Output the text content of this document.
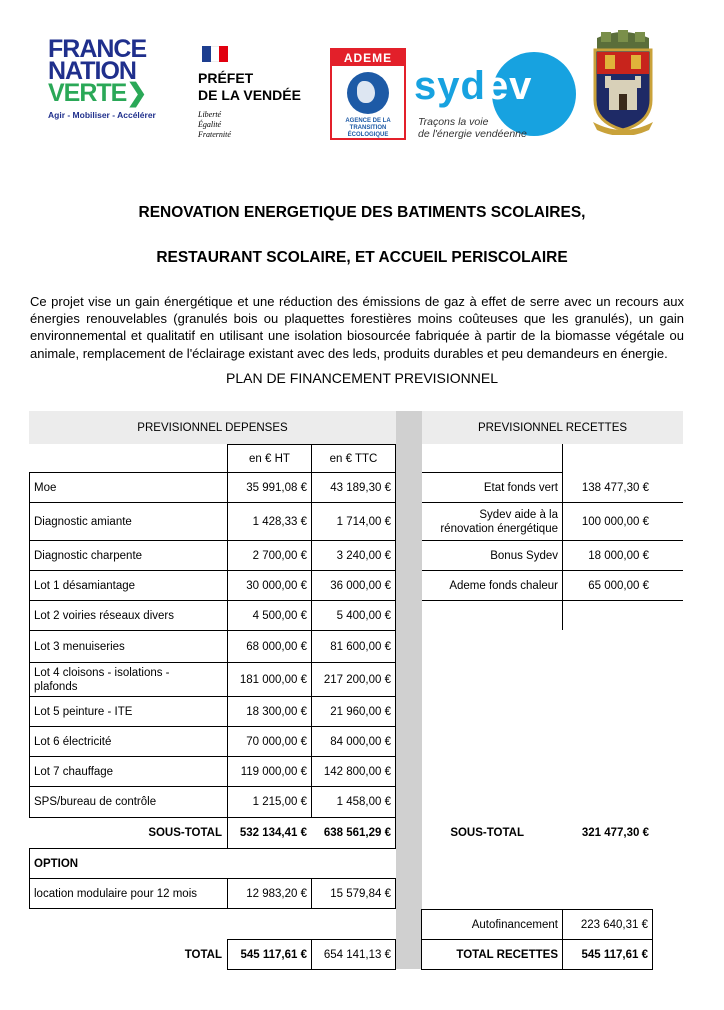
FRANCE
NATION
VERTE❯
Agir - Mobiliser - Accélérer
PRÉFET
DE LA VENDÉE
Liberté
Égalité
Fraternité
ADEME
AGENCE DE LA
TRANSITION
ÉCOLOGIQUE
sydev
Traçons la voie
de l'énergie vendéenne
RENOVATION ENERGETIQUE DES BATIMENTS SCOLAIRES,
RESTAURANT SCOLAIRE, ET ACCUEIL PERISCOLAIRE
Ce projet vise un gain énergétique et une réduction des émissions de gaz à effet de serre avec un recours aux énergies renouvelables (granulés bois ou plaquettes forestières moins coûteuses que les granulés), un gain environnemental et qualitatif en utilisant une isolation biosourcée fabriquée à partir de la biomasse végétale ou animale, remplacement de l'éclairage existant avec des leds, produits durables et peu demandeurs en énergie.
PLAN DE FINANCEMENT PREVISIONNEL
PREVISIONNEL DEPENSES	PREVISIONNEL RECETTES
en € HT	en € TTC
Moe	35 991,08 €	43 189,30 €
Diagnostic amiante	1 428,33 €	1 714,00 €
Diagnostic charpente	2 700,00 €	3 240,00 €
Lot 1 désamiantage	30 000,00 €	36 000,00 €
Lot 2 voiries réseaux divers	4 500,00 €	5 400,00 €
Lot 3 menuiseries	68 000,00 €	81 600,00 €
Lot 4 cloisons - isolations - plafonds
181 000,00 €	217 200,00 €
Lot 5 peinture - ITE	18 300,00 €	21 960,00 €
Lot 6 électricité	70 000,00 €	84 000,00 €
Lot 7 chauffage	119 000,00 €	142 800,00 €
SPS/bureau de contrôle	1 215,00 €	1 458,00 €
SOUS-TOTAL	532 134,41 €	638 561,29 €
OPTION
location modulaire pour 12 mois	12 983,20 €	15 579,84 €
TOTAL	545 117,61 €	654 141,13 €
Etat fonds vert	138 477,30 €
Sydev aide à la rénovation énergétique
100 000,00 €
Bonus Sydev	18 000,00 €
Ademe fonds chaleur	65 000,00 €
SOUS-TOTAL	321 477,30 €
Autofinancement	223 640,31 €
TOTAL RECETTES	545 117,61 €
